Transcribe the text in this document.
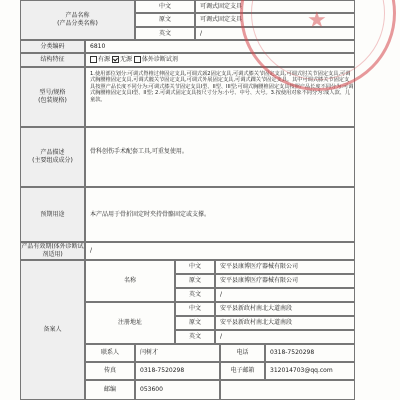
产品名称
(产品分类名称)
中文	可调式固定支具
原文	可调式固定支具
英文	/
分类编码	6810
结构特征	有源
	无源
	体外诊断试剂
型号/规格
(包装规格)
1.使用部位划分:可调式脊椎过伸固定支具,可调式颈2固定支具,可调式膝关节固定支具,可调式肘关节固定支具,可调式胸腰椎固定支具,可调式髋关节固定支具,可调式外展固定支具,可调式踝关节固定支具。其中可调式膝关节固定支具按照产品长度不同分为:可调式膝关节固定支具I型、II型、III型;可调式胸腰椎固定支具按照产品长度不同分为:可调式胸腰椎固定支具I型、II型; 2.可调式固定支具按尺寸分为:小号、中号、大号。3.按使用对象不同分为:成人款、儿童款。
产品描述
(主要组成成分)
骨科创伤手术配套工具,可重复使用。
预期用途	本产品用于骨折固定时夹持骨骼固定或支撑。
产品有效期(体外诊断试剂适用)
/
备案人
名称
中文	安平县康博医疗器械有限公司
原文	安平县康博医疗器械有限公司
英文	/
注册地址
中文	安平县新政村南北大道南段
原文	安平县新政村南北大道南段
英文	/
联系人	闫树才	电话	0318-7520298
传真	0318-7520298	电子邮箱	312014703@qq.com
邮编	053600
★
